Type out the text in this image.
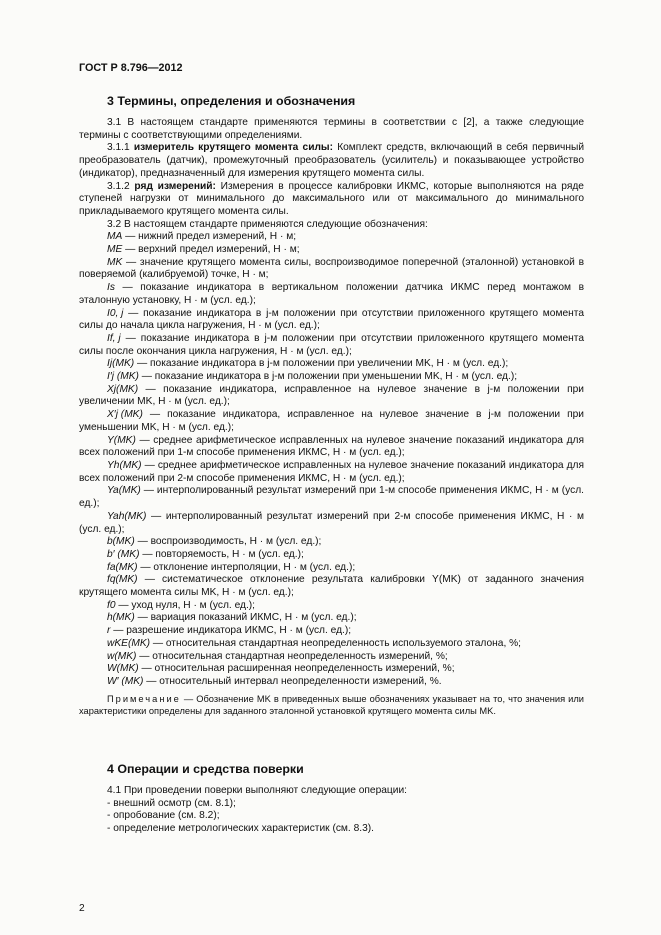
ГОСТ Р 8.796—2012
3 Термины, определения и обозначения

3.1 В настоящем стандарте применяются термины в соответствии с [2], а также следующие термины с соответствующими определениями.

3.1.1 измеритель крутящего момента силы: Комплект средств, включающий в себя первичный преобразователь (датчик), промежуточный преобразователь (усилитель) и показывающее устройство (индикатор), предназначенный для измерения крутящего момента силы.

3.1.2 ряд измерений: Измерения в процессе калибровки ИКМС, которые выполняются на ряде ступеней нагрузки от минимального до максимального или от максимального до минимального прикладываемого крутящего момента силы.

3.2 В настоящем стандарте применяются следующие обозначения:

MA — нижний предел измерений, Н · м;

ME — верхний предел измерений, Н · м;

MK — значение крутящего момента силы, воспроизводимое поперечной (эталонной) установкой в поверяемой (калибруемой) точке, Н · м;

Is — показание индикатора в вертикальном положении датчика ИКМС перед монтажом в эталонную установку, Н · м (усл. ед.);

I0, j — показание индикатора в j-м положении при отсутствии приложенного крутящего момента силы до начала цикла нагружения, Н · м (усл. ед.);

If, j — показание индикатора в j-м положении при отсутствии приложенного крутящего момента силы после окончания цикла нагружения, Н · м (усл. ед.);

Ij(MK) — показание индикатора в j-м положении при увеличении MK, Н · м (усл. ед.);

I′j (MK) — показание индикатора в j-м положении при уменьшении MK, Н · м (усл. ед.);

Xj(MK) — показание индикатора, исправленное на нулевое значение в j-м положении при увеличении MK, Н · м (усл. ед.);

X′j (MK) — показание индикатора, исправленное на нулевое значение в j-м положении при уменьшении MK, Н · м (усл. ед.);

Y(MK) — среднее арифметическое исправленных на нулевое значение показаний индикатора для всех положений при 1-м способе применения ИКМС, Н · м (усл. ед.);

Yh(MK) — среднее арифметическое исправленных на нулевое значение показаний индикатора для всех положений при 2-м способе применения ИКМС, Н · м (усл. ед.);

Ya(MK) — интерполированный результат измерений при 1-м способе применения ИКМС, Н · м (усл. ед.);

Yah(MK) — интерполированный результат измерений при 2-м способе применения ИКМС, Н · м (усл. ед.);

b(MK) — воспроизводимость, Н · м (усл. ед.);

b′ (MK) — повторяемость, Н · м (усл. ед.);

fa(MK) — отклонение интерполяции, Н · м (усл. ед.);

fq(MK) — систематическое отклонение результата калибровки Y(MK) от заданного значения крутящего момента силы MK, Н · м (усл. ед.);

f0 — уход нуля, Н · м (усл. ед.);

h(MK) — вариация показаний ИКМС, Н · м (усл. ед.);

r — разрешение индикатора ИКМС, Н · м (усл. ед.);

wKE(MK) — относительная стандартная неопределенность используемого эталона, %;

w(MK) — относительная стандартная неопределенность измерений, %;

W(MK) — относительная расширенная неопределенность измерений, %;

W′ (MK) — относительный интервал неопределенности измерений, %.

Примечание — Обозначение MK в приведенных выше обозначениях указывает на то, что значения или характеристики определены для заданного эталонной установкой крутящего момента силы MK.

4 Операции и средства поверки

4.1 При проведении поверки выполняют следующие операции:

- внешний осмотр (см. 8.1);

- опробование (см. 8.2);

- определение метрологических характеристик (см. 8.3).

2
